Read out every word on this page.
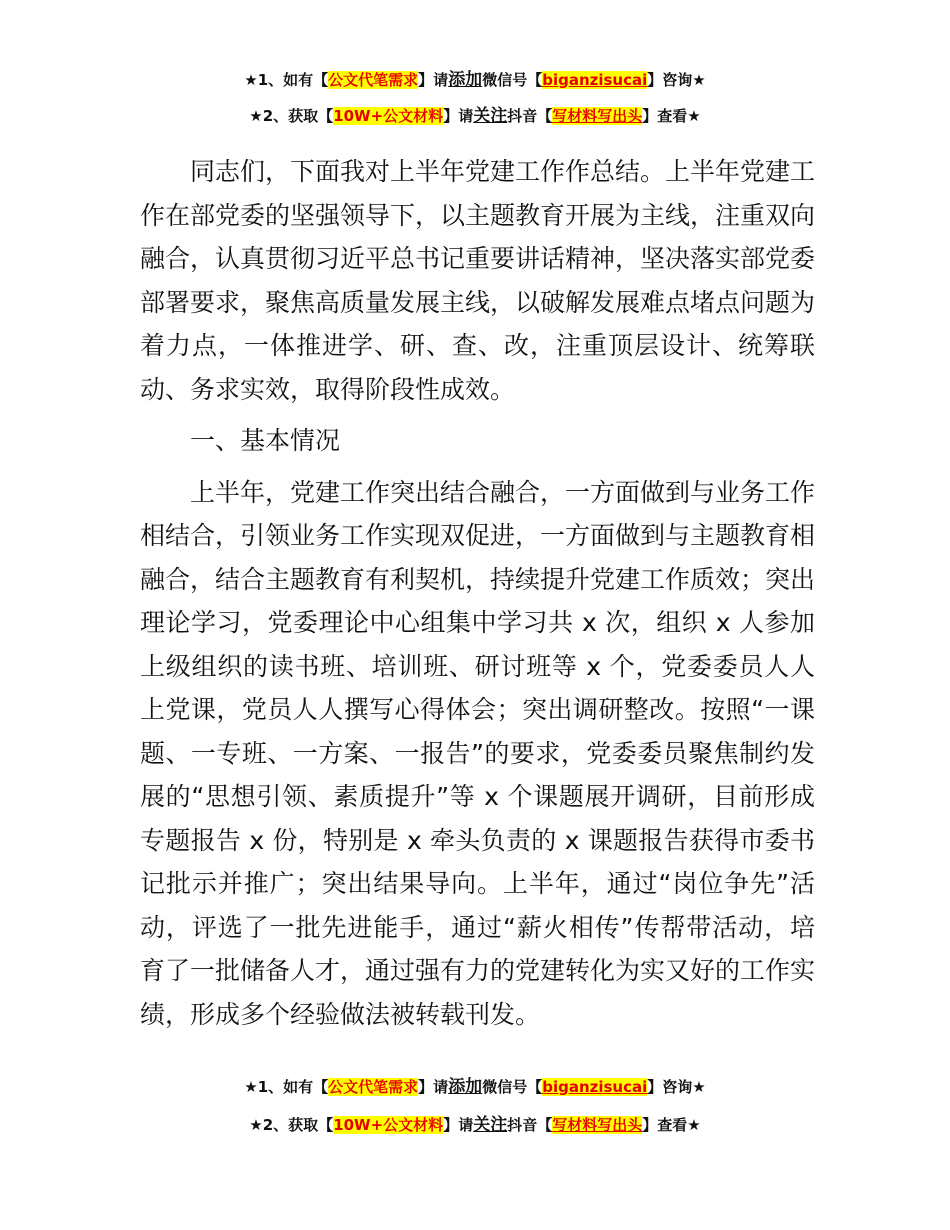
★1、如有【公文代笔需求】请添加微信号【biganzisucai】咨询★
★2、获取【10W+公文材料】请关注抖音【写材料写出头】查看★

同志们，下面我对上半年党建工作作总结。上半年党建工作在部党委的坚强领导下，以主题教育开展为主线，注重双向融合，认真贯彻习近平总书记重要讲话精神，坚决落实部党委部署要求，聚焦高质量发展主线，以破解发展难点堵点问题为着力点，一体推进学、研、查、改，注重顶层设计、统筹联动、务求实效，取得阶段性成效。

一、基本情况

上半年，党建工作突出结合融合，一方面做到与业务工作相结合，引领业务工作实现双促进，一方面做到与主题教育相融合，结合主题教育有利契机，持续提升党建工作质效；突出理论学习，党委理论中心组集中学习共 x 次，组织 x 人参加上级组织的读书班、培训班、研讨班等 x 个，党委委员人人上党课，党员人人撰写心得体会；突出调研整改。按照“一课题、一专班、一方案、一报告”的要求，党委委员聚焦制约发展的“思想引领、素质提升”等 x 个课题展开调研，目前形成专题报告 x 份，特别是 x 牵头负责的 x 课题报告获得市委书记批示并推广；突出结果导向。上半年，通过“岗位争先”活动，评选了一批先进能手，通过“薪火相传”传帮带活动，培育了一批储备人才，通过强有力的党建转化为实又好的工作实绩，形成多个经验做法被转载刊发。

★1、如有【公文代笔需求】请添加微信号【biganzisucai】咨询★
★2、获取【10W+公文材料】请关注抖音【写材料写出头】查看★
